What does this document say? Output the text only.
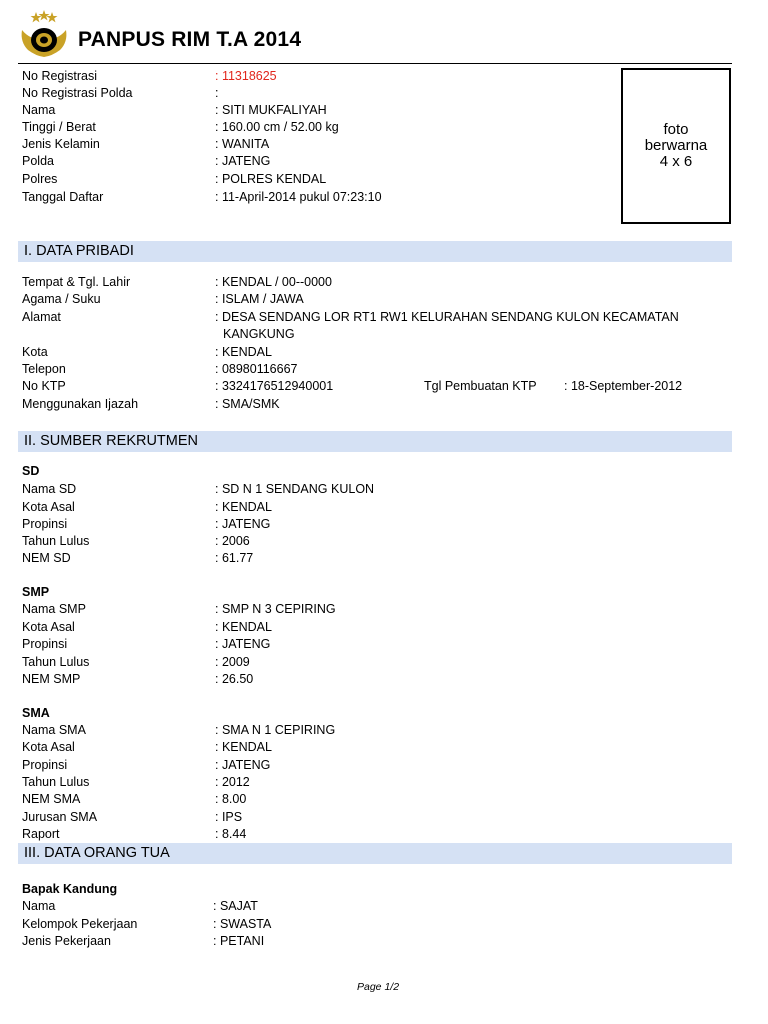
PANPUS RIM T.A 2014
No Registrasi	: 11318625
No Registrasi Polda	:
Nama	: SITI MUKFALIYAH
Tinggi / Berat	: 160.00 cm / 52.00 kg
Jenis Kelamin	: WANITA
Polda	: JATENG
Polres	: POLRES KENDAL
Tanggal Daftar	: 11-April-2014 pukul 07:23:10
foto
berwarna
4 x 6
I. DATA PRIBADI
Tempat & Tgl. Lahir	: KENDAL / 00--0000
Agama / Suku	: ISLAM / JAWA
Alamat	: DESA SENDANG LOR RT1 RW1 KELURAHAN SENDANG KULON KECAMATAN
KANGKUNG
Kota	: KENDAL
Telepon	: 08980116667
No KTP	: 3324176512940001	Tgl Pembuatan KTP : 18-September-2012
Menggunakan Ijazah	: SMA/SMK
II. SUMBER REKRUTMEN
SD
Nama SD	: SD N 1 SENDANG KULON
Kota Asal	: KENDAL
Propinsi	: JATENG
Tahun Lulus	: 2006
NEM SD	: 61.77
SMP
Nama SMP	: SMP N 3 CEPIRING
Kota Asal	: KENDAL
Propinsi	: JATENG
Tahun Lulus	: 2009
NEM SMP	: 26.50
SMA
Nama SMA	: SMA N 1 CEPIRING
Kota Asal	: KENDAL
Propinsi	: JATENG
Tahun Lulus	: 2012
NEM SMA	: 8.00
Jurusan SMA	: IPS
Raport	: 8.44
III. DATA ORANG TUA
Bapak Kandung
Nama	: SAJAT
Kelompok Pekerjaan	: SWASTA
Jenis Pekerjaan	: PETANI
Page 1/2
